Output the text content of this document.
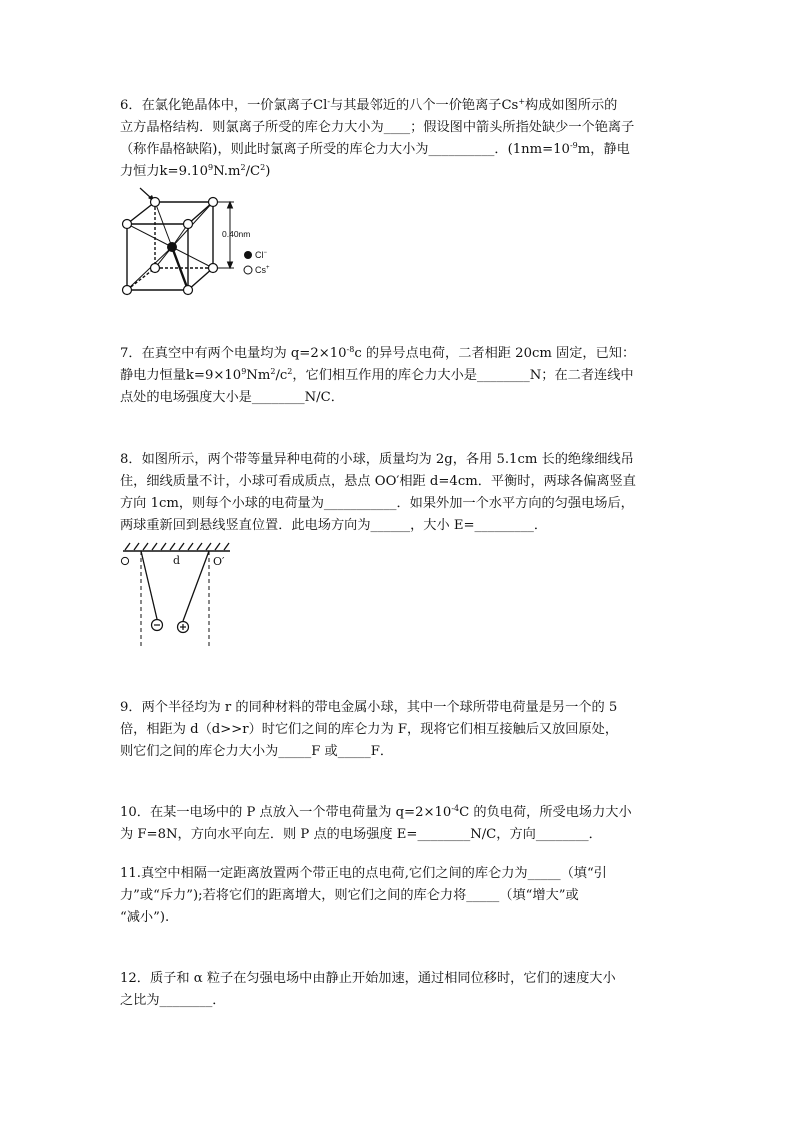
6．在氯化铯晶体中，一价氯离子Cl-与其最邻近的八个一价铯离子Cs+构成如图所示的
立方晶格结构．则氯离子所受的库仑力大小为____；假设图中箭头所指处缺少一个铯离子
（称作晶格缺陷)，则此时氯离子所受的库仑力大小为__________．($1nm=10^{-9}m$，静电
力恒力$k=9.10^9N.m^2/C^2$)
0.40nm
Cl−
Cs+
7．在真空中有两个电量均为 $q=2\times 10^{-8}c$ 的异号点电荷，二者相距 20cm 固定，已知：
静电力恒量$k=9\times 10^9Nm^2/c^2$，它们相互作用的库仑力大小是________N；在二者连线中
点处的电场强度大小是________N/C．
8．如图所示，两个带等量异种电荷的小球，质量均为 2g，各用 5.1cm 长的绝缘细线吊
住，细线质量不计，小球可看成质点，悬点 OO′相距 d=4cm．平衡时，两球各偏离竖直
方向 1cm，则每个小球的电荷量为___________．如果外加一个水平方向的匀强电场后，
两球重新回到悬线竖直位置．此电场方向为______，大小 E=_________．
O′
d
9．两个半径均为 r 的同种材料的带电金属小球，其中一个球所带电荷量是另一个的 5
倍，相距为 d（d>>r）时它们之间的库仑力为 F，现将它们相互接触后又放回原处，
则它们之间的库仑力大小为_____F 或_____F．
10．在某一电场中的 P 点放入一个带电荷量为 $q=2\times 10^{-4}C$ 的负电荷，所受电场力大小
为 F=8N，方向水平向左．则 P 点的电场强度 E=________N/C，方向________．
11.真空中相隔一定距离放置两个带正电的点电荷,它们之间的库仑力为_____（填“引
力”或“斥力”);若将它们的距离增大，则它们之间的库仑力将_____（填“增大”或
“减小”).
12．质子和 α 粒子在匀强电场中由静止开始加速，通过相同位移时，它们的速度大小
之比为________．
